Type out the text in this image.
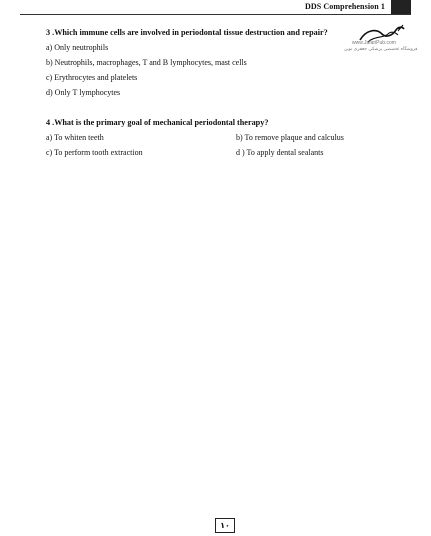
DDS Comprehension 1
www.JafariPub.com
فروشگاه تخصصی پزشکی جعفری نوین
3 .Which immune cells are involved in periodontal tissue destruction and repair?
a) Only neutrophils
b) Neutrophils, macrophages, T and B lymphocytes, mast cells
c) Erythrocytes and platelets
d) Only T lymphocytes
4 .What is the primary goal of mechanical periodontal therapy?
a) To whiten teeth	b) To remove plaque and calculus
c) To perform tooth extraction	d ) To apply dental sealants
۱۰
